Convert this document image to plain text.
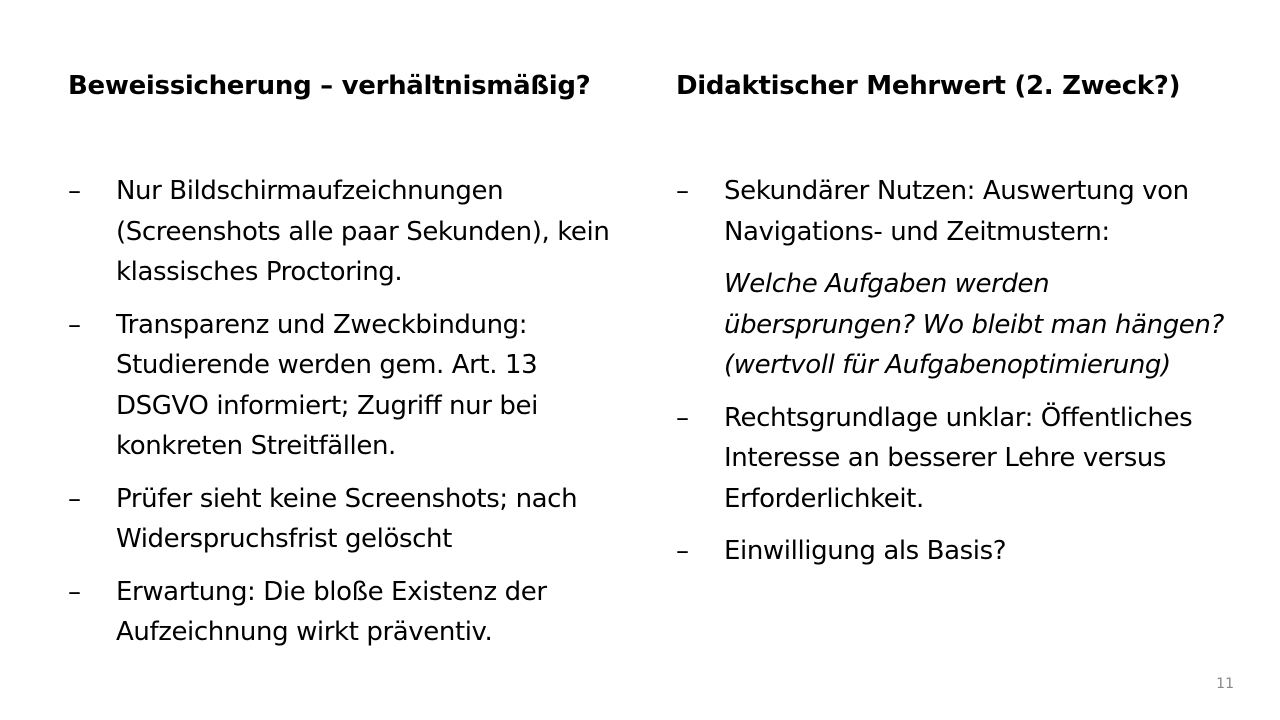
Beweissicherung – verhältnismäßig?
–	Nur Bildschirmaufzeichnungen (Screenshots alle paar Sekunden), kein klassisches Proctoring.
–	Transparenz und Zweckbindung: Studierende werden gem. Art. 13 DSGVO informiert; Zugriff nur bei konkreten Streitfällen.
–	Prüfer sieht keine Screenshots; nach Widerspruchsfrist gelöscht
–	Erwartung: Die bloße Existenz der Aufzeichnung wirkt präventiv.
Didaktischer Mehrwert (2. Zweck?)
–	Sekundärer Nutzen: Auswertung von Navigations- und Zeitmustern:
Welche Aufgaben werden übersprungen? Wo bleibt man hängen? (wertvoll für Aufgabenoptimierung)
–	Rechtsgrundlage unklar: Öffentliches Interesse an besserer Lehre versus Erforderlichkeit.
–	Einwilligung als Basis?
11
